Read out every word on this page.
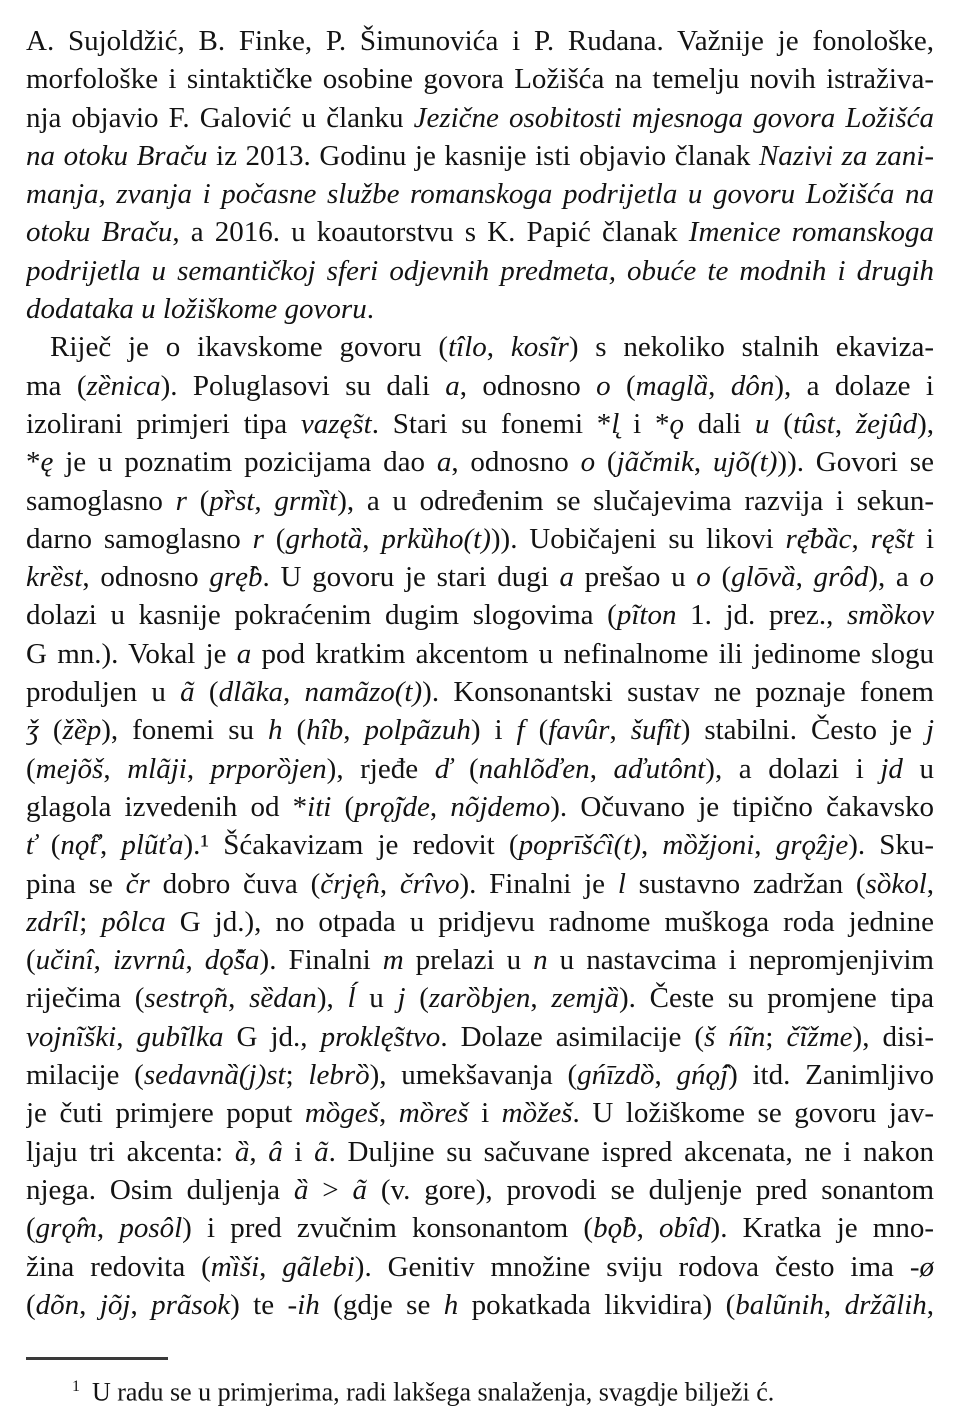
A. Sujoldžić, B. Finke, P. Šimunovića i P. Rudana. Važnije je fonološke,
morfološke i sintaktičke osobine govora Ložišća na temelju novih istraživa-
nja objavio F. Galović u članku Jezične osobitosti mjesnoga govora Ložišća
na otoku Braču iz 2013. Godinu je kasnije isti objavio članak Nazivi za zani-
manja, zvanja i počasne službe romanskoga podrijetla u govoru Ložišća na
otoku Braču, a 2016. u koautorstvu s K. Papić članak Imenice romanskoga
podrijetla u semantičkoj sferi odjevnih predmeta, obuće te modnih i drugih
dodataka u ložiškome govoru.
Riječ je o ikavskome govoru (tîlo, kosĩr) s nekoliko stalnih ekaviza-
ma (zȅnica). Poluglasovi su dali a, odnosno o (maglȁ, dôn), a dolaze i
izolirani primjeri tipa vazę̃st. Stari su fonemi *l̨ i *ǫ dali u (tûst, žejûd),
*ę je u poznatim pozicijama dao a, odnosno o (jãčmik, ujõ(t))). Govori se
samoglasno r (pȑst, grmȉt), a u određenim se slučajevima razvija i sekun-
darno samoglasno r (grhotȁ, prkȕho(t))). Uobičajeni su likovi rę̄bȁc, rę̃st i
krȅst, odnosno grę̂b. U govoru je stari dugi a prešao u o (glōvȁ, grôd), a o
dolazi u kasnije pokraćenim dugim slogovima (pĩton 1. jd. prez., smȍkov
G mn.). Vokal je a pod kratkim akcentom u nefinalnome ili jedinome slogu
produljen u ã (dlãka, namãzo(t)). Konsonantski sustav ne poznaje fonem
ǯ (žȅp), fonemi su h (hîb, polpãzuh) i f (favûr, šufît) stabilni. Često je j
(mejõš, mlãji, prporȍjen), rjeđe ď (nahlõďen, aďutônt), a dolazi i jd u
glagola izvedenih od *iti (prǫ̃jde, nõjdemo). Očuvano je tipično čakavsko
ť (nǫ̂ť, plũťa).¹ Šćakavizam je redovit (poprīšćȉ(t), mȍžjoni, grǫ̂zje). Sku-
pina se čr dobro čuva (črję̂n, črîvo). Finalni je l sustavno zadržan (sȍkol,
zdrîl; pôlca G jd.), no otpada u pridjevu radnome muškoga roda jednine
(učinî, izvrnû, dǫ̂ša). Finalni m prelazi u n u nastavcima i nepromjenjivim
riječima (sestrǫ̃n, sȅdan), ĺ u j (zarȍbjen, zemjȁ). Česte su promjene tipa
vojnĩški, gubĩlka G jd., proklę̃stvo. Dolaze asimilacije (š ńĩn; čĩžme), disi-
milacije (sedavnȁ(j)st; lebrȍ), umekšavanja (gńīzdȍ, gńǫ̂j) itd. Zanimljivo
je čuti primjere poput mȍgeš, mȍreš i mȍžeš. U ložiškome se govoru jav-
ljaju tri akcenta: ȁ, â i ã. Duljine su sačuvane ispred akcenata, ne i nakon
njega. Osim duljenja ȁ > ã (v. gore), provodi se duljenje pred sonantom
(grǫ̂m, posôl) i pred zvučnim konsonantom (bǫ̂b, obîd). Kratka je mno-
žina redovita (mȉši, gãlebi). Genitiv množine sviju rodova često ima -ø
(dõn, jõj, prãsok) te -ih (gdje se h pokatkada likvidira) (balũnih, držãlih,
$^1$ U radu se u primjerima, radi lakšega snalaženja, svagdje bilježi ć.
